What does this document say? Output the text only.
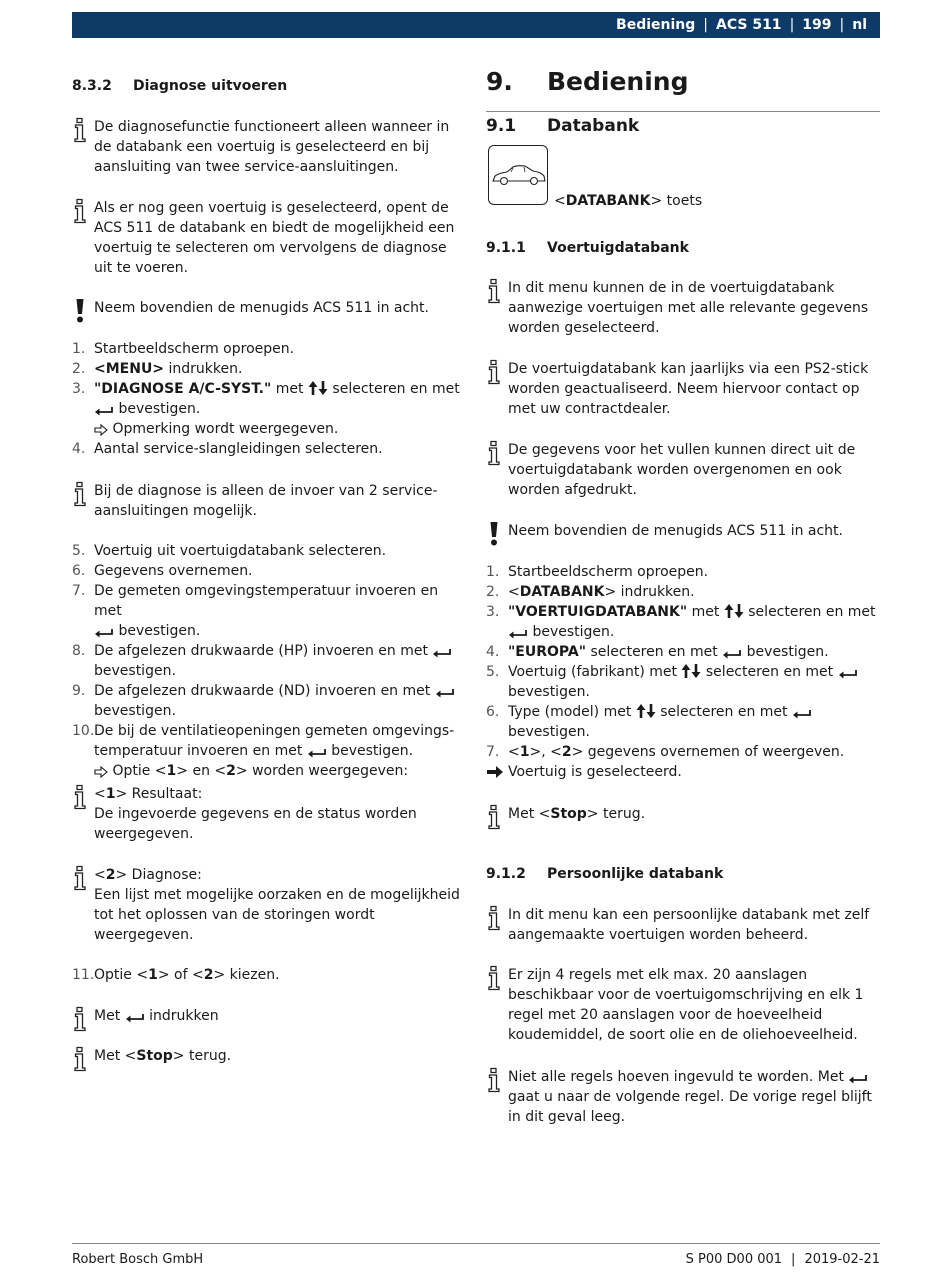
Bediening | ACS 511 | 199 | nl
8.3.2 Diagnose uitvoeren
De diagnosefunctie functioneert alleen wanneer in de databank een voertuig is geselecteerd en bij aansluiting van twee service-aansluitingen.
Als er nog geen voertuig is geselecteerd, opent de ACS 511 de databank en biedt de mogelijkheid een voertuig te selecteren om vervolgens de diagnose uit te voeren.
Neem bovendien de menugids ACS 511 in acht.
1. Startbeeldscherm oproepen.
2. <MENU> indrukken.
3. "DIAGNOSE A/C-SYST." met selecteren en met
bevestigen.
Opmerking wordt weergegeven.
4. Aantal service-slangleidingen selecteren.
Bij de diagnose is alleen de invoer van 2 service-aansluitingen mogelijk.
5. Voertuig uit voertuigdatabank selecteren.
6. Gegevens overnemen.
7. De gemeten omgevingstemperatuur invoeren en met
bevestigen.
8. De afgelezen drukwaarde (HP) invoeren en met
bevestigen.
9. De afgelezen drukwaarde (ND) invoeren en met
bevestigen.
10. De bij de ventilatieopeningen gemeten omgevings-temperatuur invoeren en met bevestigen.
Optie <1> en <2> worden weergegeven:
<1> Resultaat:
De ingevoerde gegevens en de status worden weergegeven.
<2> Diagnose:
Een lijst met mogelijke oorzaken en de mogelijkheid tot het oplossen van de storingen wordt weergegeven.
11. Optie <1> of <2> kiezen.
Met indrukken
Met <Stop> terug.
9. Bediening
9.1 Databank
<DATABANK> toets
9.1.1 Voertuigdatabank
In dit menu kunnen de in de voertuigdatabank aanwezige voertuigen met alle relevante gegevens worden geselecteerd.
De voertuigdatabank kan jaarlijks via een PS2-stick worden geactualiseerd. Neem hiervoor contact op met uw contractdealer.
De gegevens voor het vullen kunnen direct uit de voertuigdatabank worden overgenomen en ook worden afgedrukt.
Neem bovendien de menugids ACS 511 in acht.
1. Startbeeldscherm oproepen.
2. <DATABANK> indrukken.
3. "VOERTUIGDATABANK" met selecteren en met
bevestigen.
4. "EUROPA" selecteren en met bevestigen.
5. Voertuig (fabrikant) met selecteren en met
bevestigen.
6. Type (model) met selecteren en met
bevestigen.
7. <1>, <2> gegevens overnemen of weergeven.
Voertuig is geselecteerd.
Met <Stop> terug.
9.1.2 Persoonlijke databank
In dit menu kan een persoonlijke databank met zelf aangemaakte voertuigen worden beheerd.
Er zijn 4 regels met elk max. 20 aanslagen beschikbaar voor de voertuigomschrijving en elk 1 regel met 20 aanslagen voor de hoeveelheid koudemiddel, de soort olie en de oliehoeveelheid.
Niet alle regels hoeven ingevuld te worden. Met  gaat u naar de volgende regel. De vorige regel blijft in dit geval leeg.
Robert Bosch GmbH	S P00 D00 001 | 2019-02-21
